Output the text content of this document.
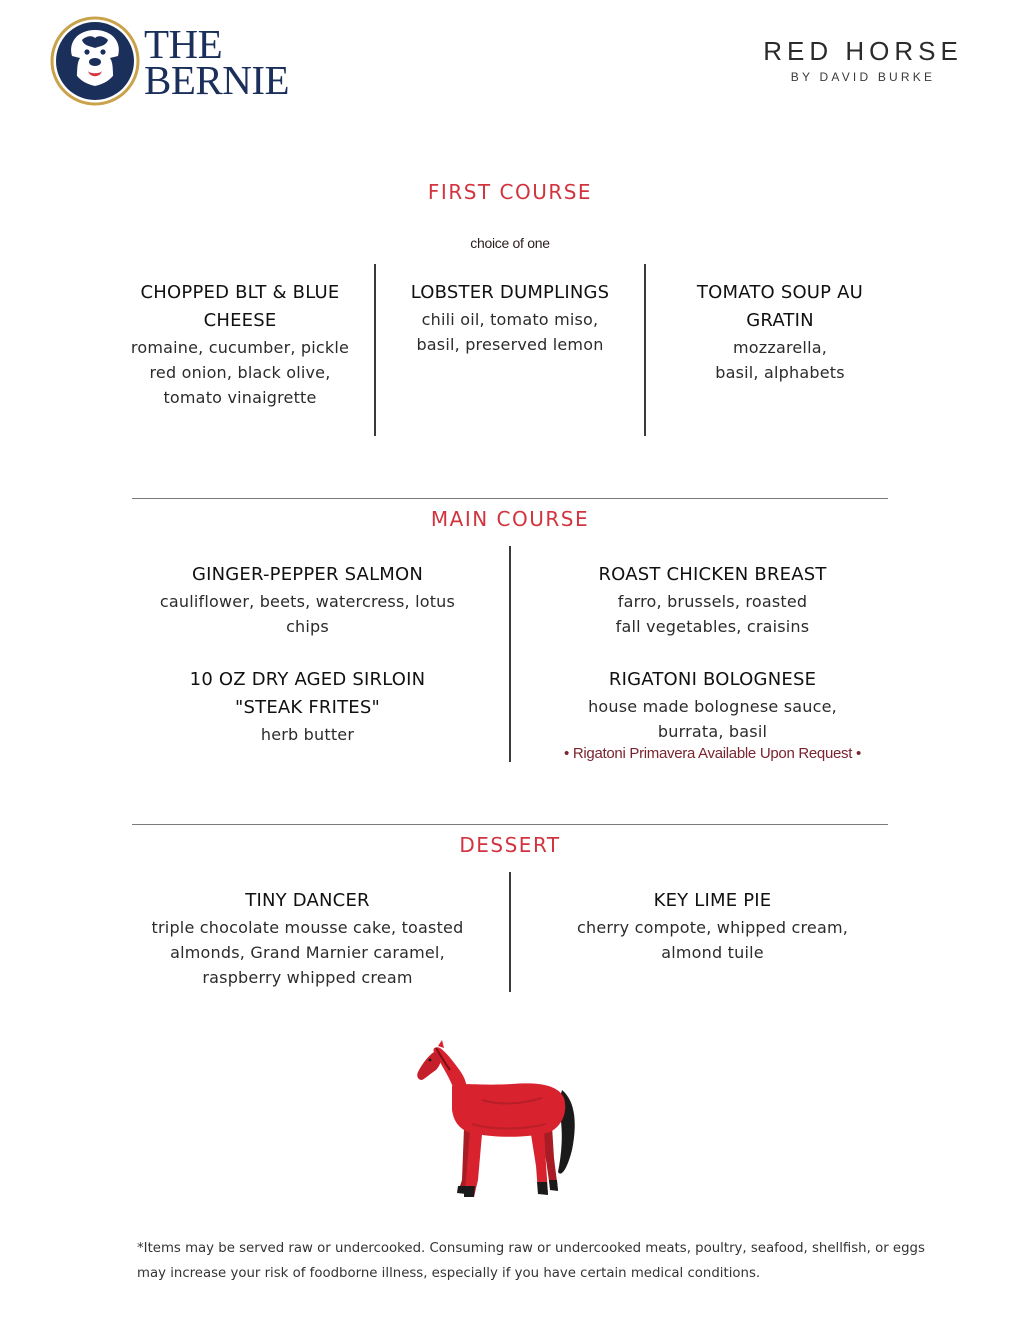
THE
BERNIE
RED HORSE
BY DAVID BURKE
FIRST COURSE
choice of one
CHOPPED BLT & BLUE CHEESE
romaine, cucumber, pickle red onion, black olive, tomato vinaigrette
LOBSTER DUMPLINGS
chili oil, tomato miso, basil, preserved lemon
TOMATO SOUP AU GRATIN
mozzarella, basil, alphabets
MAIN COURSE
GINGER-PEPPER SALMON
cauliflower, beets, watercress, lotus chips
ROAST CHICKEN BREAST
farro, brussels, roasted fall vegetables, craisins
10 OZ DRY AGED SIRLOIN "STEAK FRITES"
herb butter
RIGATONI BOLOGNESE
house made bolognese sauce, burrata, basil
• Rigatoni Primavera Available Upon Request •
DESSERT
TINY DANCER
triple chocolate mousse cake, toasted almonds, Grand Marnier caramel, raspberry whipped cream
KEY LIME PIE
cherry compote, whipped cream, almond tuile
*Items may be served raw or undercooked. Consuming raw or undercooked meats, poultry, seafood, shellfish, or eggs may increase your risk of foodborne illness, especially if you have certain medical conditions.
